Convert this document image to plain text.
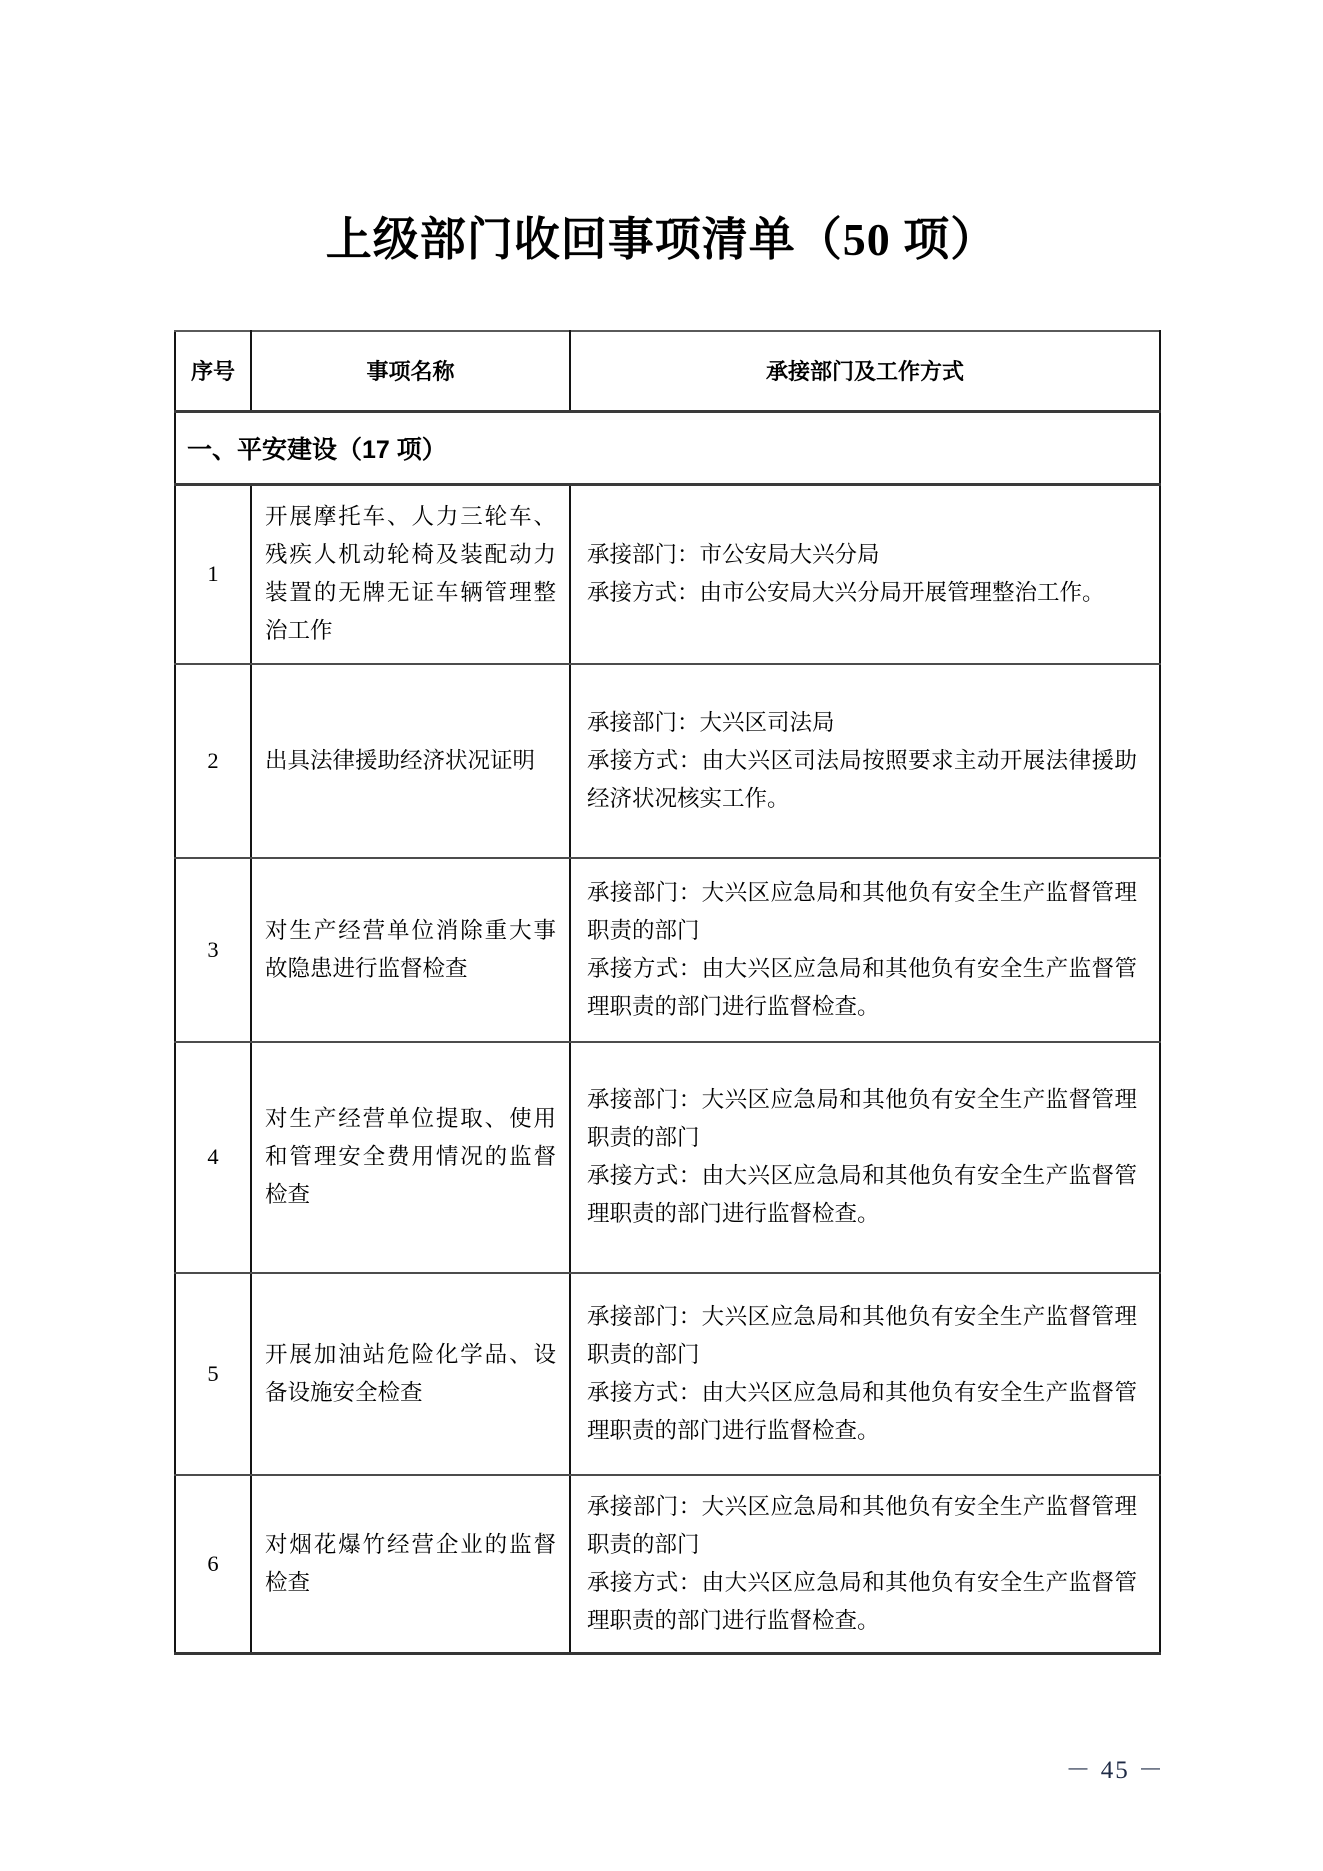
上级部门收回事项清单（50 项）
序号	事项名称	承接部门及工作方式
一、平安建设（17 项）		
1	开展摩托车、人力三轮车、残疾人机动轮椅及装配动力装置的无牌无证车辆管理整治工作	承接部门：市公安局大兴分局
承接方式：由市公安局大兴分局开展管理整治工作。

2	出具法律援助经济状况证明	承接部门：大兴区司法局
承接方式：由大兴区司法局按照要求主动开展法律援助经济状况核实工作。

3	对生产经营单位消除重大事故隐患进行监督检查	承接部门：大兴区应急局和其他负有安全生产监督管理职责的部门
承接方式：由大兴区应急局和其他负有安全生产监督管理职责的部门进行监督检查。

4	对生产经营单位提取、使用和管理安全费用情况的监督检查	承接部门：大兴区应急局和其他负有安全生产监督管理职责的部门
承接方式：由大兴区应急局和其他负有安全生产监督管理职责的部门进行监督检查。

5	开展加油站危险化学品、设备设施安全检查	承接部门：大兴区应急局和其他负有安全生产监督管理职责的部门
承接方式：由大兴区应急局和其他负有安全生产监督管理职责的部门进行监督检查。

6	对烟花爆竹经营企业的监督检查	承接部门：大兴区应急局和其他负有安全生产监督管理职责的部门
承接方式：由大兴区应急局和其他负有安全生产监督管理职责的部门进行监督检查。
－ 45 －
